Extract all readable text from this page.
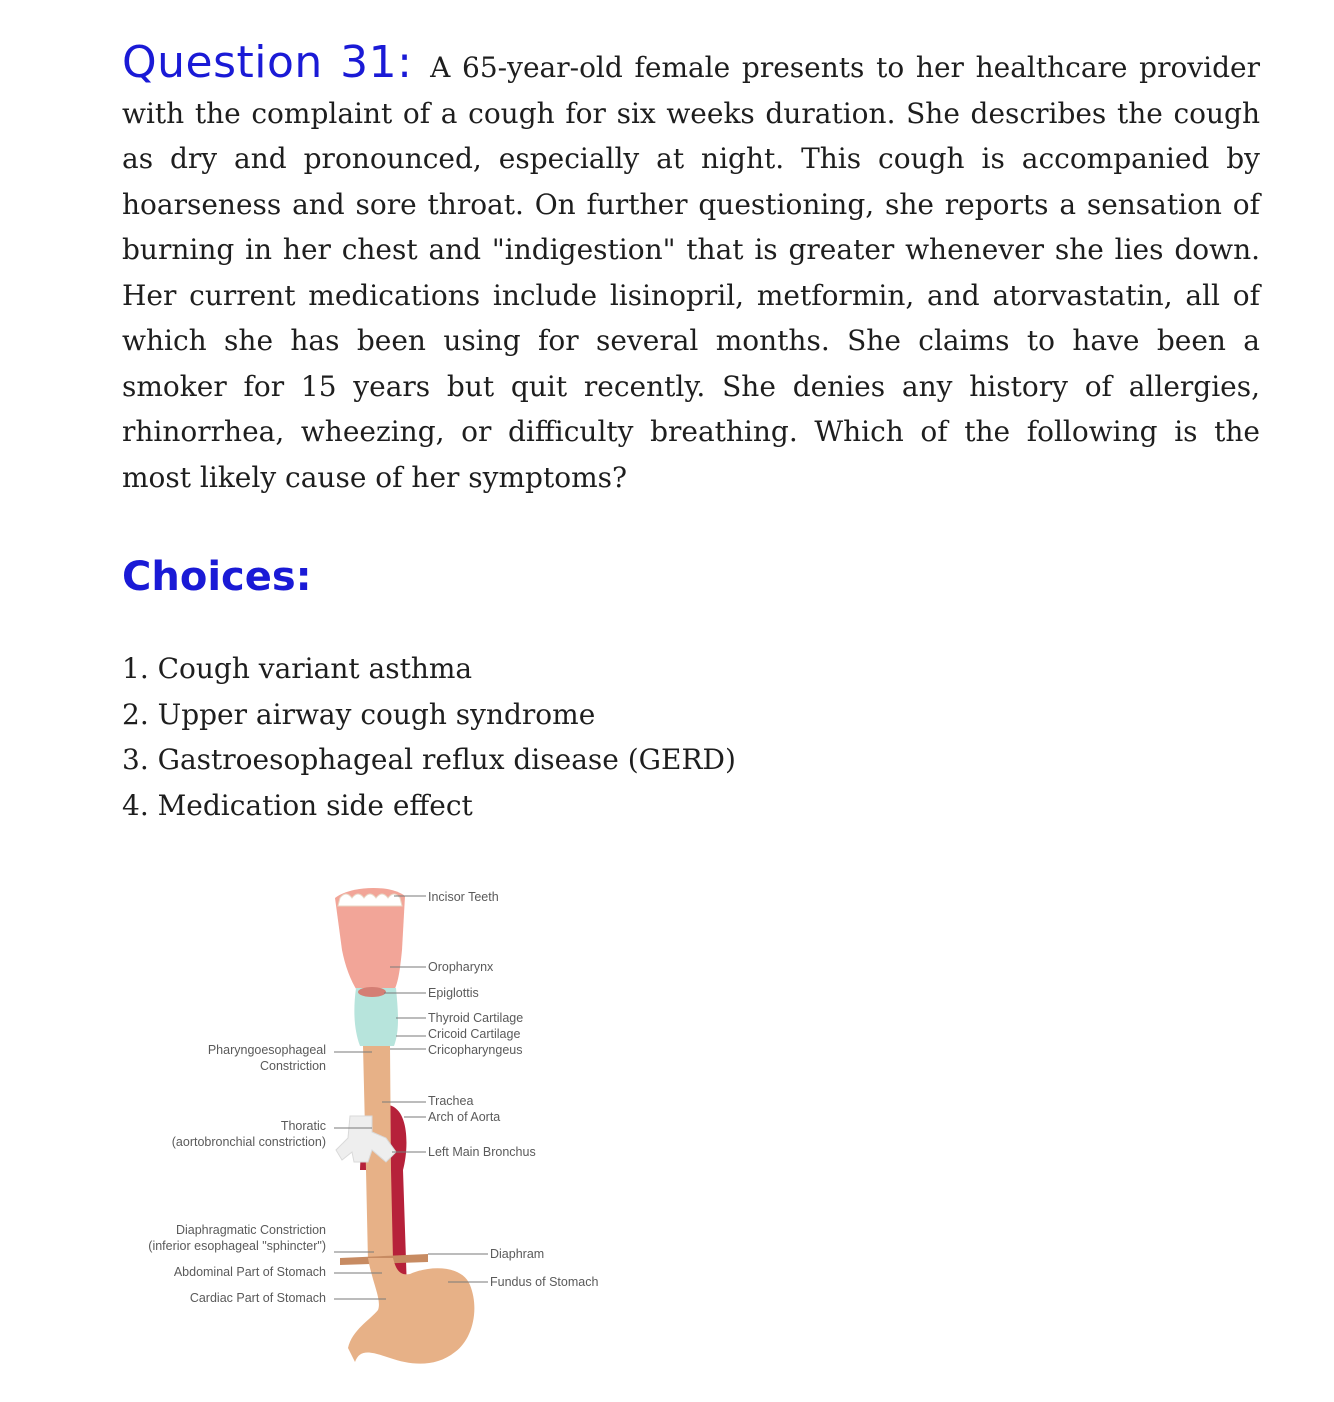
Question 31: A 65-year-old female presents to her healthcare provider with the complaint of a cough for six weeks duration. She describes the cough as dry and pronounced, especially at night. This cough is accompanied by hoarseness and sore throat. On further questioning, she reports a sensation of burning in her chest and "indigestion" that is greater whenever she lies down. Her current medications include lisinopril, metformin, and atorvastatin, all of which she has been using for several months. She claims to have been a smoker for 15 years but quit recently. She denies any history of allergies, rhinorrhea, wheezing, or difficulty breathing. Which of the following is the most likely cause of her symptoms?

Choices:
1. Cough variant asthma
2. Upper airway cough syndrome
3. Gastroesophageal reflux disease (GERD)
4. Medication side effect
Incisor Teeth
Oropharynx
Epiglottis
Thyroid Cartilage
Cricoid Cartilage
Cricopharyngeus
Trachea
Arch of Aorta
Left Main Bronchus
Diaphram
Fundus of Stomach
Pharyngoesophageal
Constriction
Thoratic
(aortobronchial constriction)
Diaphragmatic Constriction
(inferior esophageal "sphincter")
Abdominal Part of Stomach
Cardiac Part of Stomach
